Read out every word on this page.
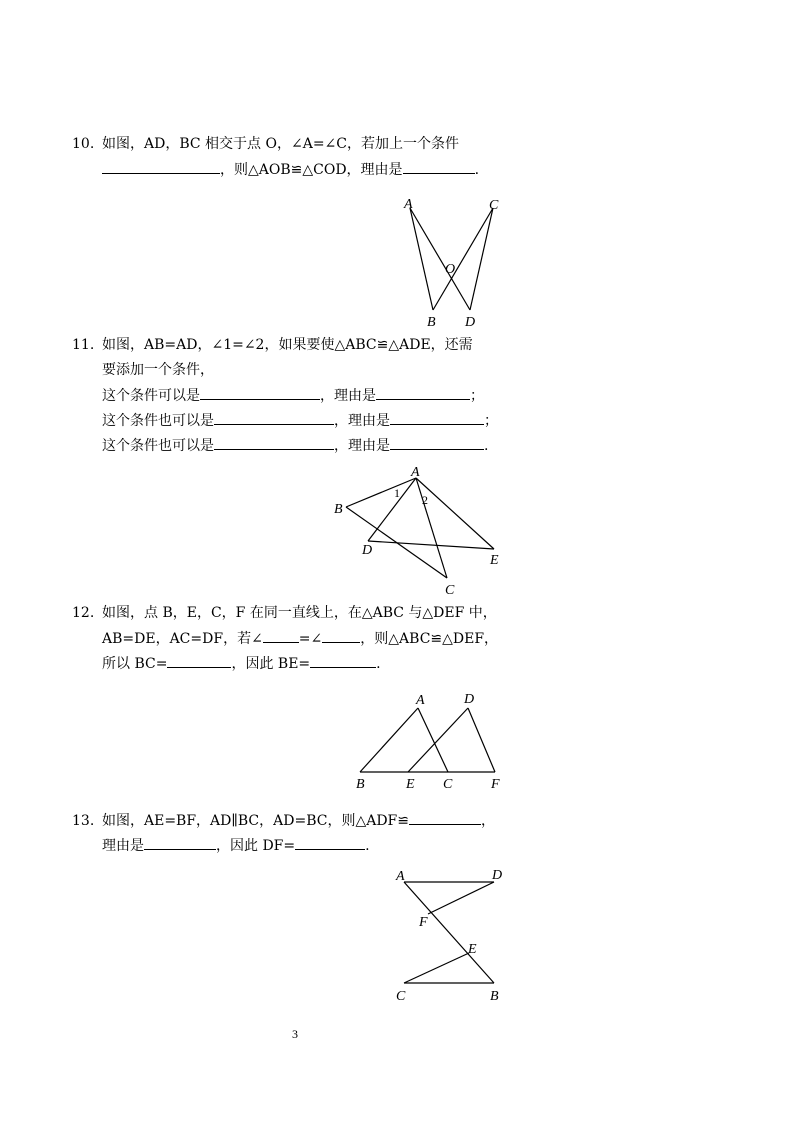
10. 如图，AD，BC 相交于点 O，∠A=∠C，若加上一个条件
，则△AOB≌△COD，理由是	.
A	C
O
B D
11. 如图，AB=AD，∠1=∠2，如果要使△ABC≌△ADE，还需
要添加一个条件，
这个条件可以是	，理由是	；
这个条件也可以是	，理由是	；
这个条件也可以是	，理由是	.
A
B
D
E
C
1 2
12. 如图，点 B，E，C，F 在同一直线上，在△ABC 与△DEF 中，
AB=DE，AC=DF，若∠	=∠	，则△ABC≌△DEF，
所以 BC=	，因此 BE=	.
A	D
B	E C	F
13. 如图，AE=BF，AD∥BC，AD=BC，则△ADF≌	，
理由是	，因此 DF=	.
A	D
F
E
C	B
3
